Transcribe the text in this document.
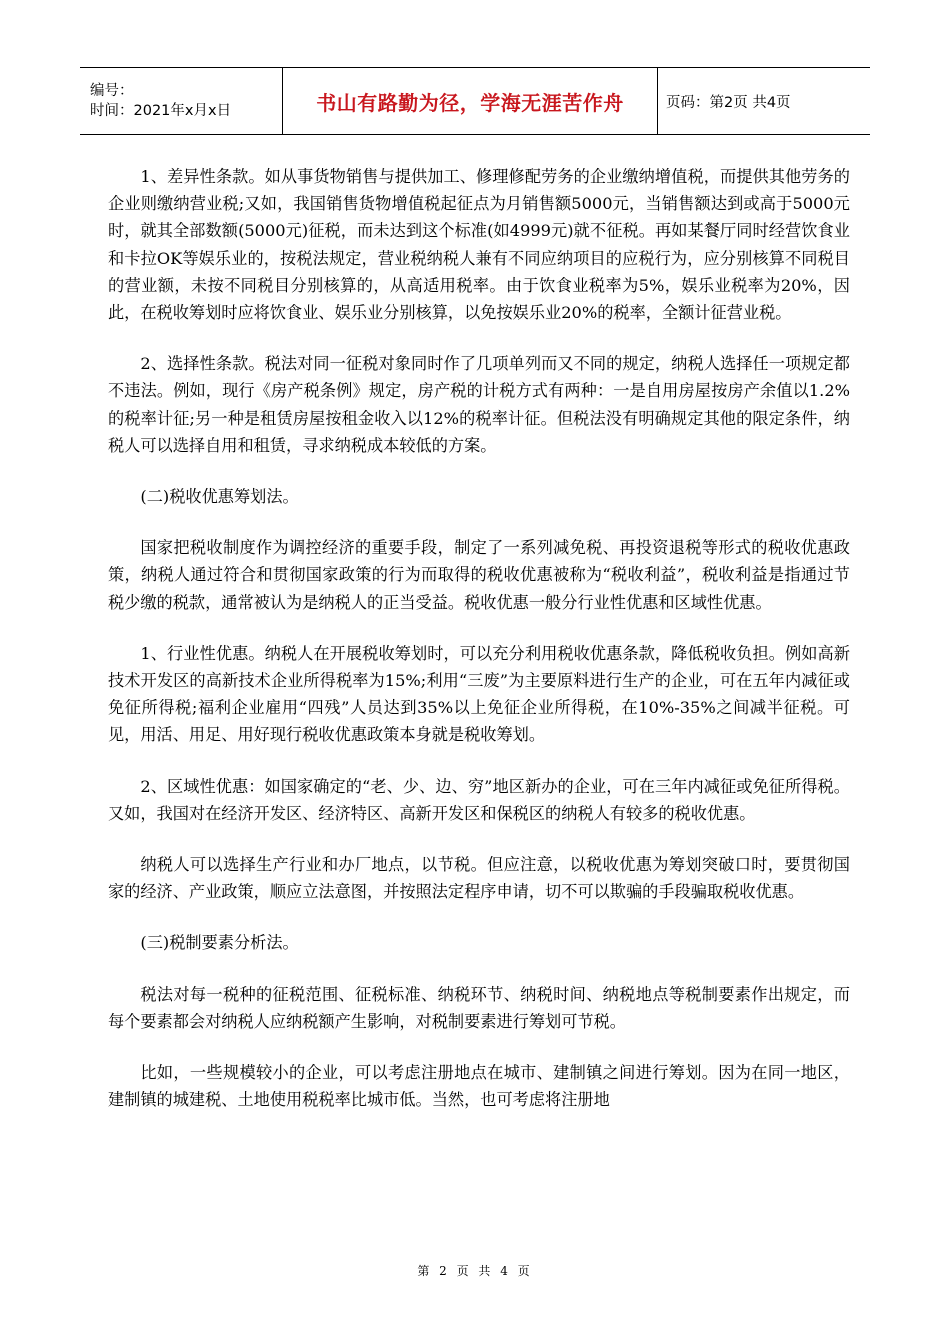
编号：
时间：2021年x月x日	书山有路勤为径，学海无涯苦作舟	页码：第2页 共4页

1、差异性条款。如从事货物销售与提供加工、修理修配劳务的企业缴纳增值税，而提供其他劳务的企业则缴纳营业税;又如，我国销售货物增值税起征点为月销售额5000元，当销售额达到或高于5000元时，就其全部数额(5000元)征税，而未达到这个标准(如4999元)就不征税。再如某餐厅同时经营饮食业和卡拉OK等娱乐业的，按税法规定，营业税纳税人兼有不同应纳项目的应税行为，应分别核算不同税目的营业额，未按不同税目分别核算的，从高适用税率。由于饮食业税率为5%，娱乐业税率为20%，因此，在税收筹划时应将饮食业、娱乐业分别核算，以免按娱乐业20%的税率，全额计征营业税。

2、选择性条款。税法对同一征税对象同时作了几项单列而又不同的规定，纳税人选择任一项规定都不违法。例如，现行《房产税条例》规定，房产税的计税方式有两种：一是自用房屋按房产余值以1.2%的税率计征;另一种是租赁房屋按租金收入以12%的税率计征。但税法没有明确规定其他的限定条件，纳税人可以选择自用和租赁，寻求纳税成本较低的方案。

(二)税收优惠筹划法。

国家把税收制度作为调控经济的重要手段，制定了一系列减免税、再投资退税等形式的税收优惠政策，纳税人通过符合和贯彻国家政策的行为而取得的税收优惠被称为“税收利益”，税收利益是指通过节税少缴的税款，通常被认为是纳税人的正当受益。税收优惠一般分行业性优惠和区域性优惠。

1、行业性优惠。纳税人在开展税收筹划时，可以充分利用税收优惠条款，降低税收负担。例如高新技术开发区的高新技术企业所得税率为15%;利用“三废”为主要原料进行生产的企业，可在五年内减征或免征所得税;福利企业雇用“四残”人员达到35%以上免征企业所得税，在10%-35%之间减半征税。可见，用活、用足、用好现行税收优惠政策本身就是税收筹划。

2、区域性优惠：如国家确定的“老、少、边、穷”地区新办的企业，可在三年内减征或免征所得税。又如，我国对在经济开发区、经济特区、高新开发区和保税区的纳税人有较多的税收优惠。

纳税人可以选择生产行业和办厂地点，以节税。但应注意，以税收优惠为筹划突破口时，要贯彻国家的经济、产业政策，顺应立法意图，并按照法定程序申请，切不可以欺骗的手段骗取税收优惠。

(三)税制要素分析法。

税法对每一税种的征税范围、征税标准、纳税环节、纳税时间、纳税地点等税制要素作出规定，而每个要素都会对纳税人应纳税额产生影响，对税制要素进行筹划可节税。

比如，一些规模较小的企业，可以考虑注册地点在城市、建制镇之间进行筹划。因为在同一地区，建制镇的城建税、土地使用税税率比城市低。当然，也可考虑将注册地

第 2 页 共 4 页
